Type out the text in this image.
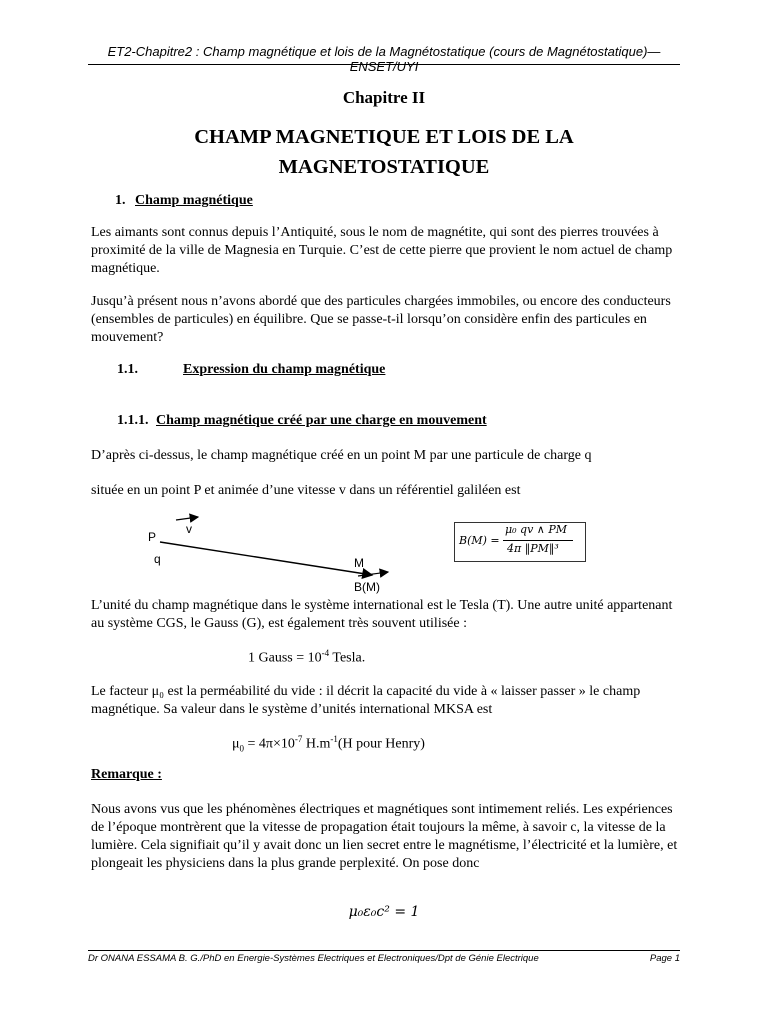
ET2-Chapitre2 : Champ magnétique et lois de la Magnétostatique (cours de Magnétostatique)—ENSET/UYI
Chapitre II
CHAMP MAGNETIQUE ET LOIS DE LA
MAGNETOSTATIQUE
1. Champ magnétique
Les aimants sont connus depuis l’Antiquité, sous le nom de magnétite, qui sont des pierres trouvées à proximité de la ville de Magnesia en Turquie. C’est de cette pierre que provient le nom actuel de champ magnétique.
Jusqu’à présent nous n’avons abordé que des particules chargées immobiles, ou encore des conducteurs (ensembles de particules) en équilibre. Que se passe-t-il lorsqu’on considère enfin des particules en mouvement?
1.1.	Expression du champ magnétique
1.1.1. Champ magnétique créé par une charge en mouvement
D’après ci-dessus, le champ magnétique créé en un point M par une particule de charge q
située en un point P et animée d’une vitesse v dans un référentiel galiléen est
P
q
v
M
B(M)
B(M) =
μ₀ qv ∧ PM
4π ‖PM‖³
L’unité du champ magnétique dans le système international est le Tesla (T). Une autre unité appartenant au système CGS, le Gauss (G), est également très souvent utilisée :
1 Gauss = $10^{-4}$ Tesla.
Le facteur μ₀ est la perméabilité du vide : il décrit la capacité du vide à « laisser passer » le champ magnétique. Sa valeur dans le système d’unités international MKSA est
$\mu_0 = 4\pi\times 10^{-7}$ $H.m^{-1}(H$ pour Henry)
Remarque :
Nous avons vus que les phénomènes électriques et magnétiques sont intimement reliés. Les expériences de l’époque montrèrent que la vitesse de propagation était toujours la même, à savoir c, la vitesse de la lumière. Cela signifiait qu’il y avait donc un lien secret entre le magnétisme, l’électricité et la lumière, et plongeait les physiciens dans la plus grande perplexité. On pose donc
μ₀ε₀c² = 1
Dr ONANA ESSAMA B. G./PhD en Energie-Systèmes Electriques et Electroniques/Dpt de Génie Electrique	Page 1
